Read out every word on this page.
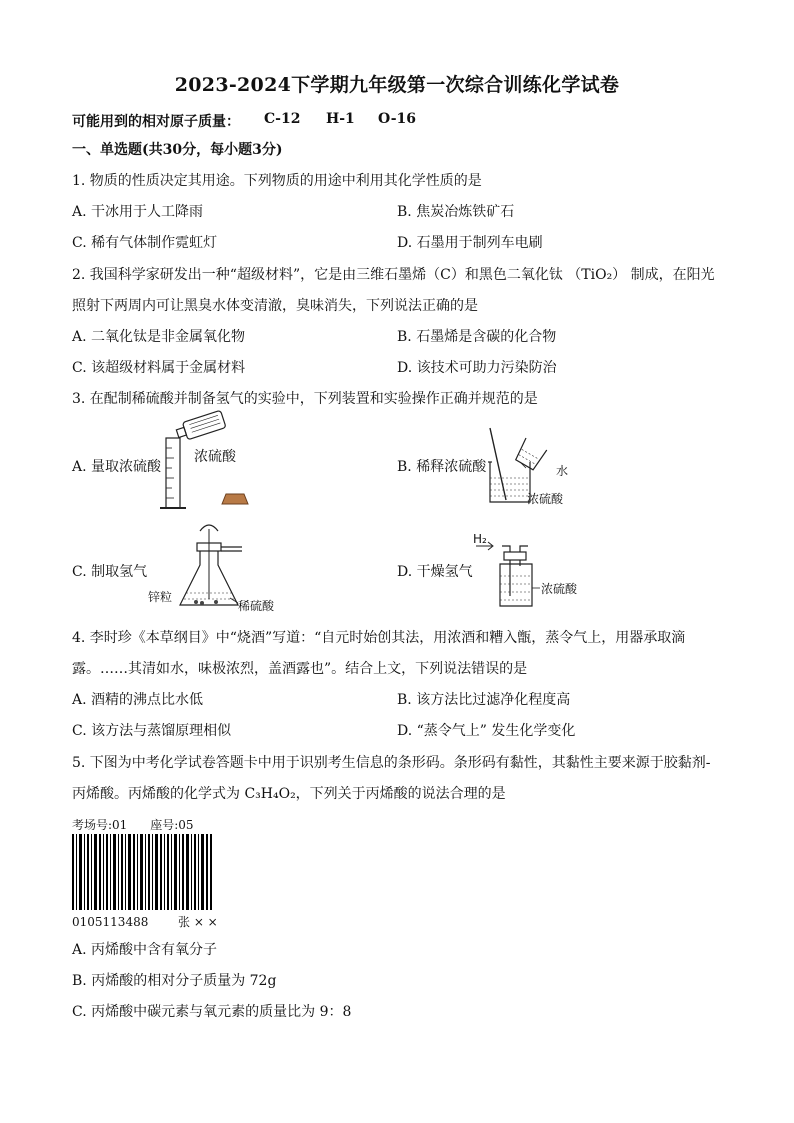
2023-2024下学期九年级第一次综合训练化学试卷
可能用到的相对原子质量： C-12 H-1 O-16
一、单选题(共30分，每小题3分)
1. 物质的性质决定其用途。下列物质的用途中利用其化学性质的是
A. 干冰用于人工降雨	B. 焦炭冶炼铁矿石
C. 稀有气体制作霓虹灯	D. 石墨用于制列车电刷
2. 我国科学家研发出一种“超级材料”，它是由三维石墨烯（C）和黑色二氧化钛 （TiO₂） 制成，在阳光
照射下两周内可让黑臭水体变清澈，臭味消失，下列说法正确的是
A. 二氧化钛是非金属氧化物	B. 石墨烯是含碳的化合物
C. 该超级材料属于金属材料	D. 该技术可助力污染防治
3. 在配制稀硫酸并制备氢气的实验中，下列装置和实验操作正确并规范的是
A. 量取浓硫酸
浓硫酸
B. 稀释浓硫酸	水
浓硫酸
C. 制取氢气
锌粒
稀硫酸
D. 干燥氢气
H₂
浓硫酸
4. 李时珍《本草纲目》中“烧酒”写道：“自元时始创其法，用浓酒和糟入甑，蒸令气上，用器承取滴
露。……其清如水，味极浓烈，盖酒露也”。结合上文，下列说法错误的是
A. 酒精的沸点比水低	B. 该方法比过滤净化程度高
C. 该方法与蒸馏原理相似	D. “蒸令气上” 发生化学变化
5. 下图为中考化学试卷答题卡中用于识别考生信息的条形码。条形码有黏性，其黏性主要来源于胶黏剂-
丙烯酸。丙烯酸的化学式为 C₃H₄O₂，下列关于丙烯酸的说法合理的是
考场号:01      座号:05
0105113488 张 × ×
A. 丙烯酸中含有氧分子
B. 丙烯酸的相对分子质量为 72g
C. 丙烯酸中碳元素与氧元素的质量比为 9：8
